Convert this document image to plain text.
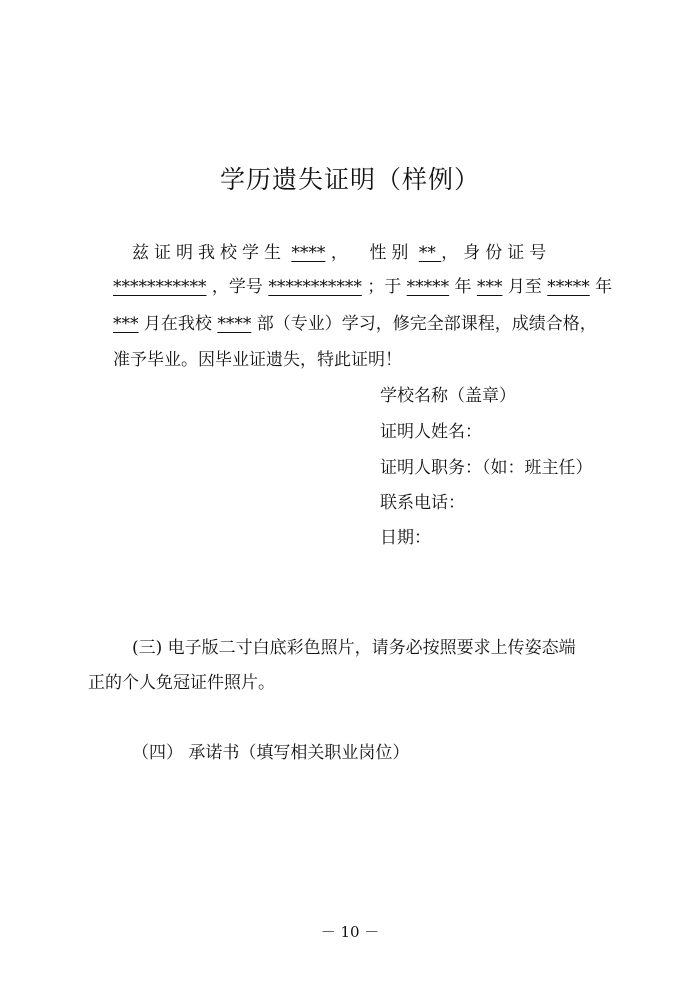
学历遗失证明（样例）
兹证明我校学生 **** ， 性别 ** ，身份证号
*********** ，学号 *********** ；于 ***** 年 *** 月至 ***** 年
*** 月在我校 **** 部（专业）学习，修完全部课程，成绩合格，
准予毕业。因毕业证遗失，特此证明！
学校名称（盖章）
证明人姓名：
证明人职务：（如：班主任）
联系电话：
日期：
(三) 电子版二寸白底彩色照片，请务必按照要求上传姿态端
正的个人免冠证件照片。
（四） 承诺书（填写相关职业岗位）
－ 10 －
